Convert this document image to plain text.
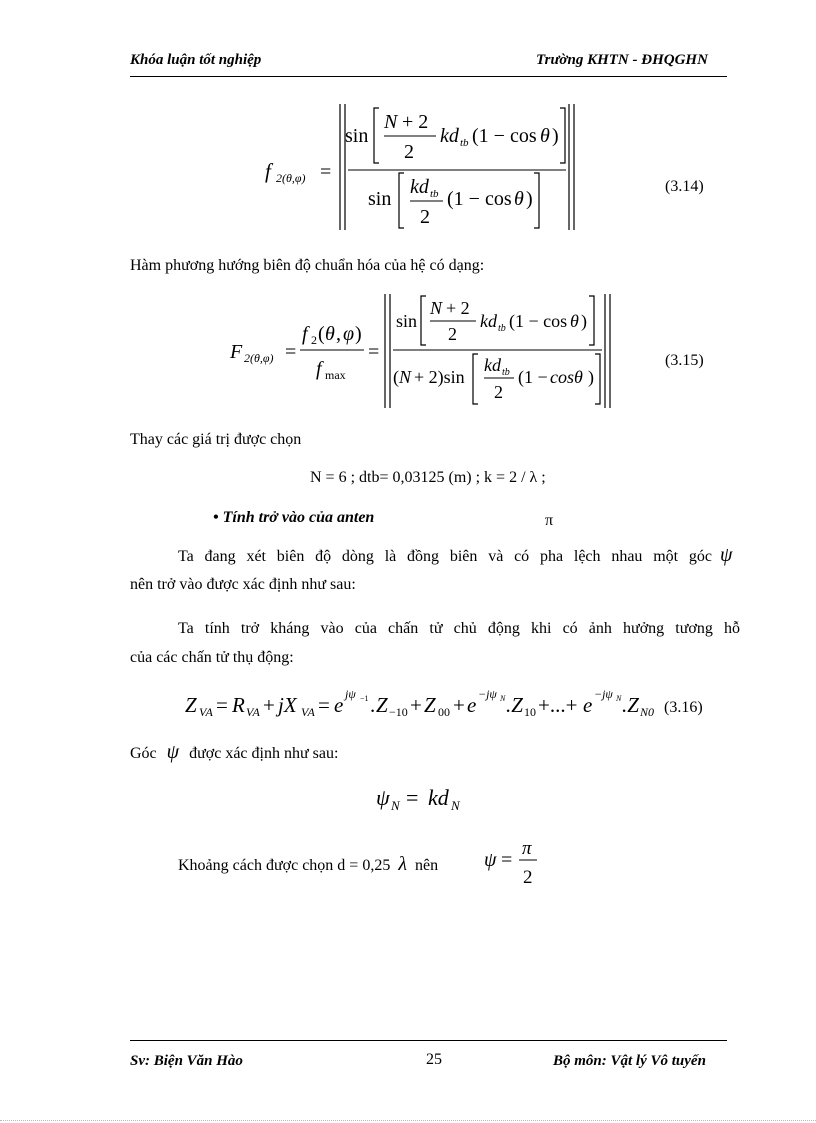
Khóa luận tốt nghiệp	Trường KHTN - ĐHQGHN
f 2(θ,φ) =
sin
N + 2
2
kd tb (1 − cos θ )
sin
kd tb
2
(1 − cos θ )
(3.14)
Hàm phương hướng biên độ chuẩn hóa của hệ có dạng:
F 2(θ,φ) =
f 2 ( θ , φ )
f max
=
sin
N + 2
2
kd tb (1 − cos θ )
( N + 2)sin
kd tb
2
(1 − cosθ )
(3.15)
Thay các giá trị được chọn
N = 6 ; dtb= 0,03125 (m) ; k = 2 / λ ;
• Tính trở vào của anten	π
Ta đang xét biên độ dòng là đồng biên và có pha lệch nhau một góc ψ
nên trở vào được xác định như sau:
Ta tính trở kháng vào của chấn tử chủ động khi có ảnh hưởng tương hỗ
của các chấn tử thụ động:
Z VA = R VA + jX VA = e jψ −1 . Z −10 + Z 00 + e −jψ N .Z 10 +...+ e −jψ N .Z N0 (3.16)
Góc ψ được xác định như sau:
ψ N = kd N
Khoảng cách được chọn d = 0,25 λ nên ψ =
π
2
Sv: Biện Văn Hào	25	Bộ môn: Vật lý Vô tuyến
